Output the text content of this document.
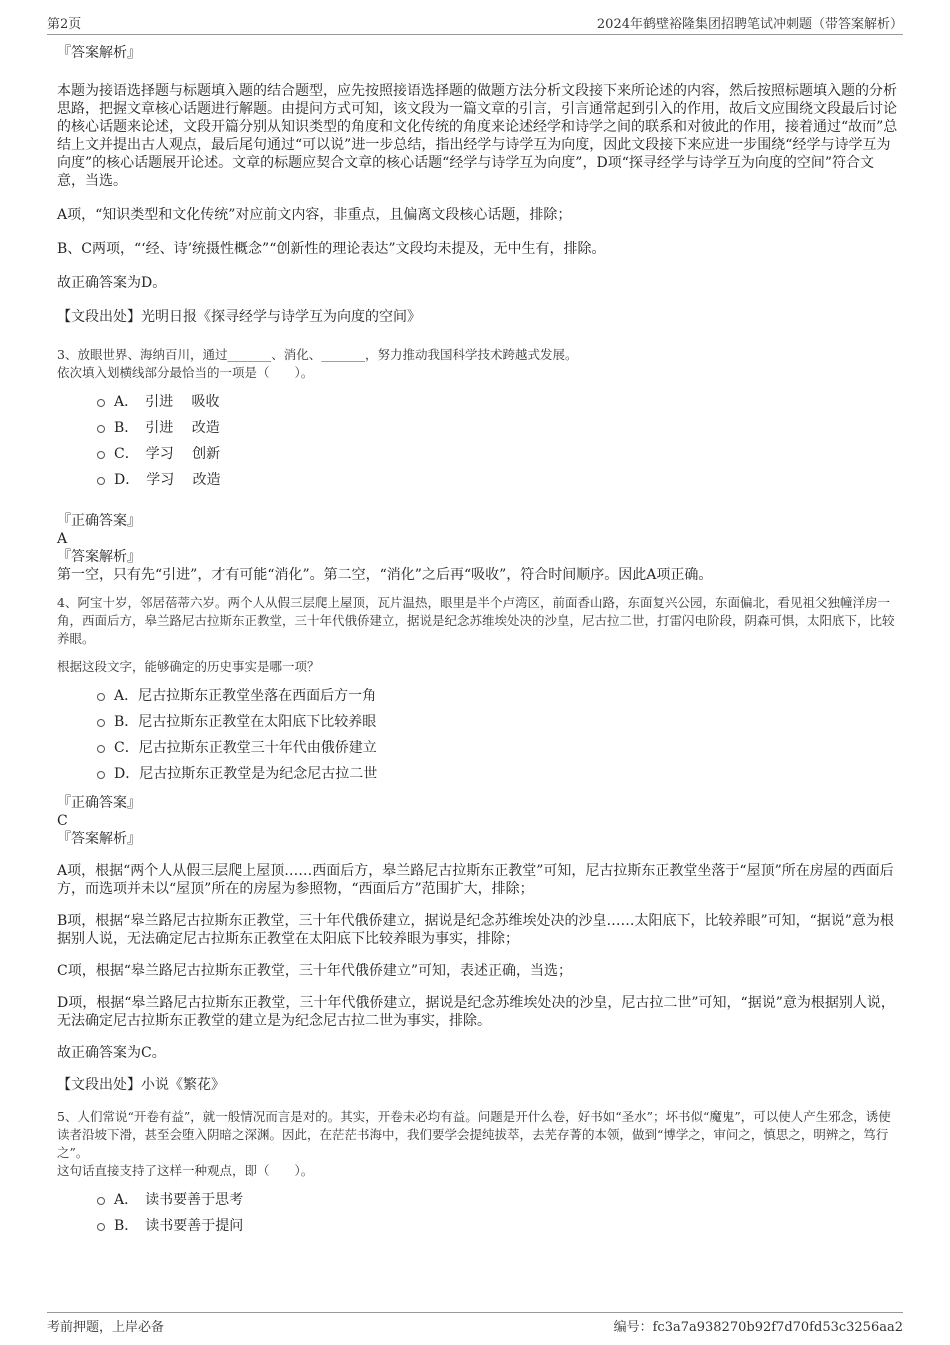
第2页	2024年鹤壁裕隆集团招聘笔试冲刺题（带答案解析）

『答案解析』

本题为接语选择题与标题填入题的结合题型，应先按照接语选择题的做题方法分析文段接下来所论述的内容，然后按照标题填入题的分析思路，把握文章核心话题进行解题。由提问方式可知，该文段为一篇文章的引言，引言通常起到引入的作用，故后文应围绕文段最后讨论的核心话题来论述，文段开篇分别从知识类型的角度和文化传统的角度来论述经学和诗学之间的联系和对彼此的作用，接着通过“故而”总结上文并提出古人观点，最后尾句通过“可以说”进一步总结，指出经学与诗学互为向度，因此文段接下来应进一步围绕“经学与诗学互为向度”的核心话题展开论述。文章的标题应契合文章的核心话题“经学与诗学互为向度”，D项“探寻经学与诗学互为向度的空间”符合文意，当选。

A项，“知识类型和文化传统”对应前文内容，非重点，且偏离文段核心话题，排除；

B、C两项，“‘经、诗’统摄性概念”“创新性的理论表达”文段均未提及，无中生有，排除。

故正确答案为D。

【文段出处】光明日报《探寻经学与诗学互为向度的空间》

3、放眼世界、海纳百川，通过_______、消化、_______，努力推动我国科学技术跨越式发展。

依次填入划横线部分最恰当的一项是（　　）。

A．　引进　 吸收
B．　引进　 改造
C．　学习　 创新
D．　学习　 改造

『正确答案』

A

『答案解析』

第一空，只有先“引进”，才有可能“消化”。第二空，“消化”之后再“吸收”，符合时间顺序。因此A项正确。

4、阿宝十岁，邻居蓓蒂六岁。两个人从假三层爬上屋顶，瓦片温热，眼里是半个卢湾区，前面香山路，东面复兴公园，东面偏北，看见祖父独幢洋房一角，西面后方，皋兰路尼古拉斯东正教堂，三十年代俄侨建立，据说是纪念苏维埃处决的沙皇，尼古拉二世，打雷闪电阶段，阴森可惧，太阳底下，比较养眼。

根据这段文字，能够确定的历史事实是哪一项？

A．尼古拉斯东正教堂坐落在西面后方一角
B．尼古拉斯东正教堂在太阳底下比较养眼
C．尼古拉斯东正教堂三十年代由俄侨建立
D．尼古拉斯东正教堂是为纪念尼古拉二世

『正确答案』

C

『答案解析』

A项，根据“两个人从假三层爬上屋顶……西面后方，皋兰路尼古拉斯东正教堂”可知，尼古拉斯东正教堂坐落于“屋顶”所在房屋的西面后方，而选项并未以“屋顶”所在的房屋为参照物，“西面后方”范围扩大，排除；

B项，根据“皋兰路尼古拉斯东正教堂，三十年代俄侨建立，据说是纪念苏维埃处决的沙皇……太阳底下，比较养眼”可知，“据说”意为根据别人说，无法确定尼古拉斯东正教堂在太阳底下比较养眼为事实，排除；

C项，根据“皋兰路尼古拉斯东正教堂，三十年代俄侨建立”可知，表述正确，当选；

D项，根据“皋兰路尼古拉斯东正教堂，三十年代俄侨建立，据说是纪念苏维埃处决的沙皇，尼古拉二世”可知，“据说”意为根据别人说，无法确定尼古拉斯东正教堂的建立是为纪念尼古拉二世为事实，排除。

故正确答案为C。

【文段出处】小说《繁花》

5、人们常说“开卷有益”，就一般情况而言是对的。其实，开卷未必均有益。问题是开什么卷，好书如“圣水”；坏书似“魔鬼”，可以使人产生邪念，诱使读者沿坡下滑，甚至会堕入阴暗之深渊。因此，在茫茫书海中，我们要学会提纯拔萃，去芜存菁的本领，做到“博学之，审问之，慎思之，明辨之，笃行之”。

这句话直接支持了这样一种观点，即（　　）。

A．　读书要善于思考
B．　读书要善于提问
考前押题，上岸必备	编号：fc3a7a938270b92f7d70fd53c3256aa2
